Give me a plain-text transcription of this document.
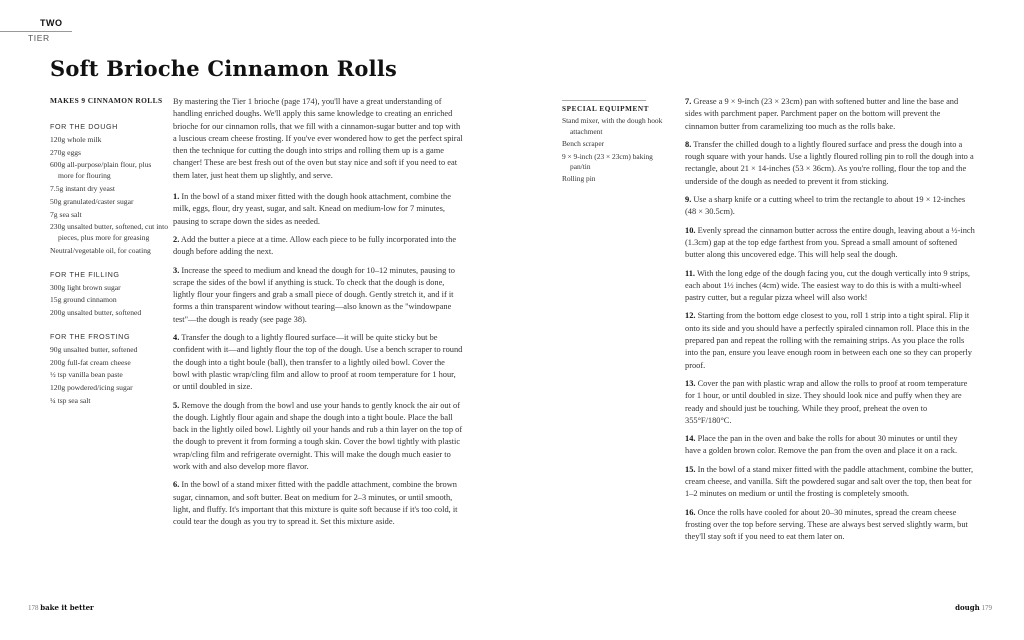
TWO
TIER
Soft Brioche Cinnamon Rolls
MAKES 9 CINNAMON ROLLS
FOR THE DOUGH
120g whole milk
270g eggs
600g all-purpose/plain flour, plus more for flouring
7.5g instant dry yeast
50g granulated/caster sugar
7g sea salt
230g unsalted butter, softened, cut into pieces, plus more for greasing
Neutral/vegetable oil, for coating
FOR THE FILLING
300g light brown sugar
15g ground cinnamon
200g unsalted butter, softened
FOR THE FROSTING
90g unsalted butter, softened
200g full-fat cream cheese
½ tsp vanilla bean paste
120g powdered/icing sugar
¼ tsp sea salt

By mastering the Tier 1 brioche (page 174), you'll have a great understanding of handling enriched doughs. We'll apply this same knowledge to creating an enriched brioche for our cinnamon rolls, that we fill with a cinnamon-sugar butter and top with a luscious cream cheese frosting. If you've ever wondered how to get the perfect spiral then the technique for cutting the dough into strips and rolling them up is a game changer! These are best fresh out of the oven but stay nice and soft if you need to eat them later, just heat them up slightly, and serve.

1. In the bowl of a stand mixer fitted with the dough hook attachment, combine the milk, eggs, flour, dry yeast, sugar, and salt. Knead on medium-low for 7 minutes, pausing to scrape down the sides as needed.

2. Add the butter a piece at a time. Allow each piece to be fully incorporated into the dough before adding the next.

3. Increase the speed to medium and knead the dough for 10–12 minutes, pausing to scrape the sides of the bowl if anything is stuck. To check that the dough is done, lightly flour your fingers and grab a small piece of dough. Gently stretch it, and if it forms a thin transparent window without tearing—also known as the "windowpane test"—the dough is ready (see page 38).

4. Transfer the dough to a lightly floured surface—it will be quite sticky but be confident with it—and lightly flour the top of the dough. Use a bench scraper to round the dough into a tight boule (ball), then transfer to a lightly oiled bowl. Cover the bowl with plastic wrap/cling film and allow to proof at room temperature for 1 hour, or until doubled in size.

5. Remove the dough from the bowl and use your hands to gently knock the air out of the dough. Lightly flour again and shape the dough into a tight boule. Place the ball back in the lightly oiled bowl. Lightly oil your hands and rub a thin layer on the top of the dough to prevent it from forming a tough skin. Cover the bowl tightly with plastic wrap/cling film and refrigerate overnight. This will make the dough much easier to work with and also develop more flavor.

6. In the bowl of a stand mixer fitted with the paddle attachment, combine the brown sugar, cinnamon, and soft butter. Beat on medium for 2–3 minutes, or until smooth, light, and fluffy. It's important that this mixture is quite soft because if it's too cold, it could tear the dough as you try to spread it. Set this mixture aside.

SPECIAL EQUIPMENT
Stand mixer, with the dough hook attachment
Bench scraper
9 × 9-inch (23 × 23cm) baking pan/tin
Rolling pin

7. Grease a 9 × 9-inch (23 × 23cm) pan with softened butter and line the base and sides with parchment paper. Parchment paper on the bottom will prevent the cinnamon butter from caramelizing too much as the rolls bake.

8. Transfer the chilled dough to a lightly floured surface and press the dough into a rough square with your hands. Use a lightly floured rolling pin to roll the dough into a rectangle, about 21 × 14-inches (53 × 36cm). As you're rolling, flour the top and the underside of the dough as needed to prevent it from sticking.

9. Use a sharp knife or a cutting wheel to trim the rectangle to about 19 × 12-inches (48 × 30.5cm).

10. Evenly spread the cinnamon butter across the entire dough, leaving about a ½-inch (1.3cm) gap at the top edge farthest from you. Spread a small amount of softened butter along this uncovered edge. This will help seal the dough.

11. With the long edge of the dough facing you, cut the dough vertically into 9 strips, each about 1½ inches (4cm) wide. The easiest way to do this is with a multi-wheel pastry cutter, but a regular pizza wheel will also work!

12. Starting from the bottom edge closest to you, roll 1 strip into a tight spiral. Flip it onto its side and you should have a perfectly spiraled cinnamon roll. Place this in the prepared pan and repeat the rolling with the remaining strips. As you place the rolls into the pan, ensure you leave enough room in between each one so they can properly proof.

13. Cover the pan with plastic wrap and allow the rolls to proof at room temperature for 1 hour, or until doubled in size. They should look nice and puffy when they are ready and should just be touching. While they proof, preheat the oven to 355°F/180°C.

14. Place the pan in the oven and bake the rolls for about 30 minutes or until they have a golden brown color. Remove the pan from the oven and place it on a rack.

15. In the bowl of a stand mixer fitted with the paddle attachment, combine the butter, cream cheese, and vanilla. Sift the powdered sugar and salt over the top, then beat for 1–2 minutes on medium or until the frosting is completely smooth.

16. Once the rolls have cooled for about 20–30 minutes, spread the cream cheese frosting over the top before serving. These are always best served slightly warm, but they'll stay soft if you need to eat them later on.

178 bake it better	dough 179
